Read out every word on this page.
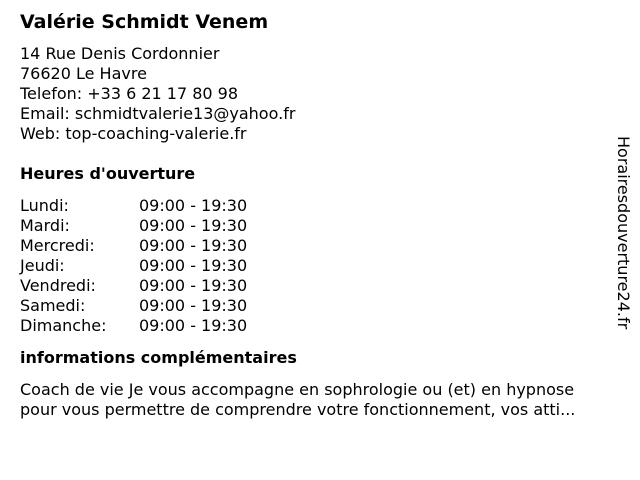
Valérie Schmidt Venem
14 Rue Denis Cordonnier
76620 Le Havre
Telefon: +33 6 21 17 80 98
Email: schmidtvalerie13@yahoo.fr
Web: top-coaching-valerie.fr
Heures d'ouverture
Lundi:	09:00 - 19:30
Mardi:	09:00 - 19:30
Mercredi:	09:00 - 19:30
Jeudi:	09:00 - 19:30
Vendredi:	09:00 - 19:30
Samedi:	09:00 - 19:30
Dimanche:	09:00 - 19:30
informations complémentaires
Coach de vie Je vous accompagne en sophrologie ou (et) en hypnose
pour vous permettre de comprendre votre fonctionnement, vos atti...
Horairesdouverture24.fr
